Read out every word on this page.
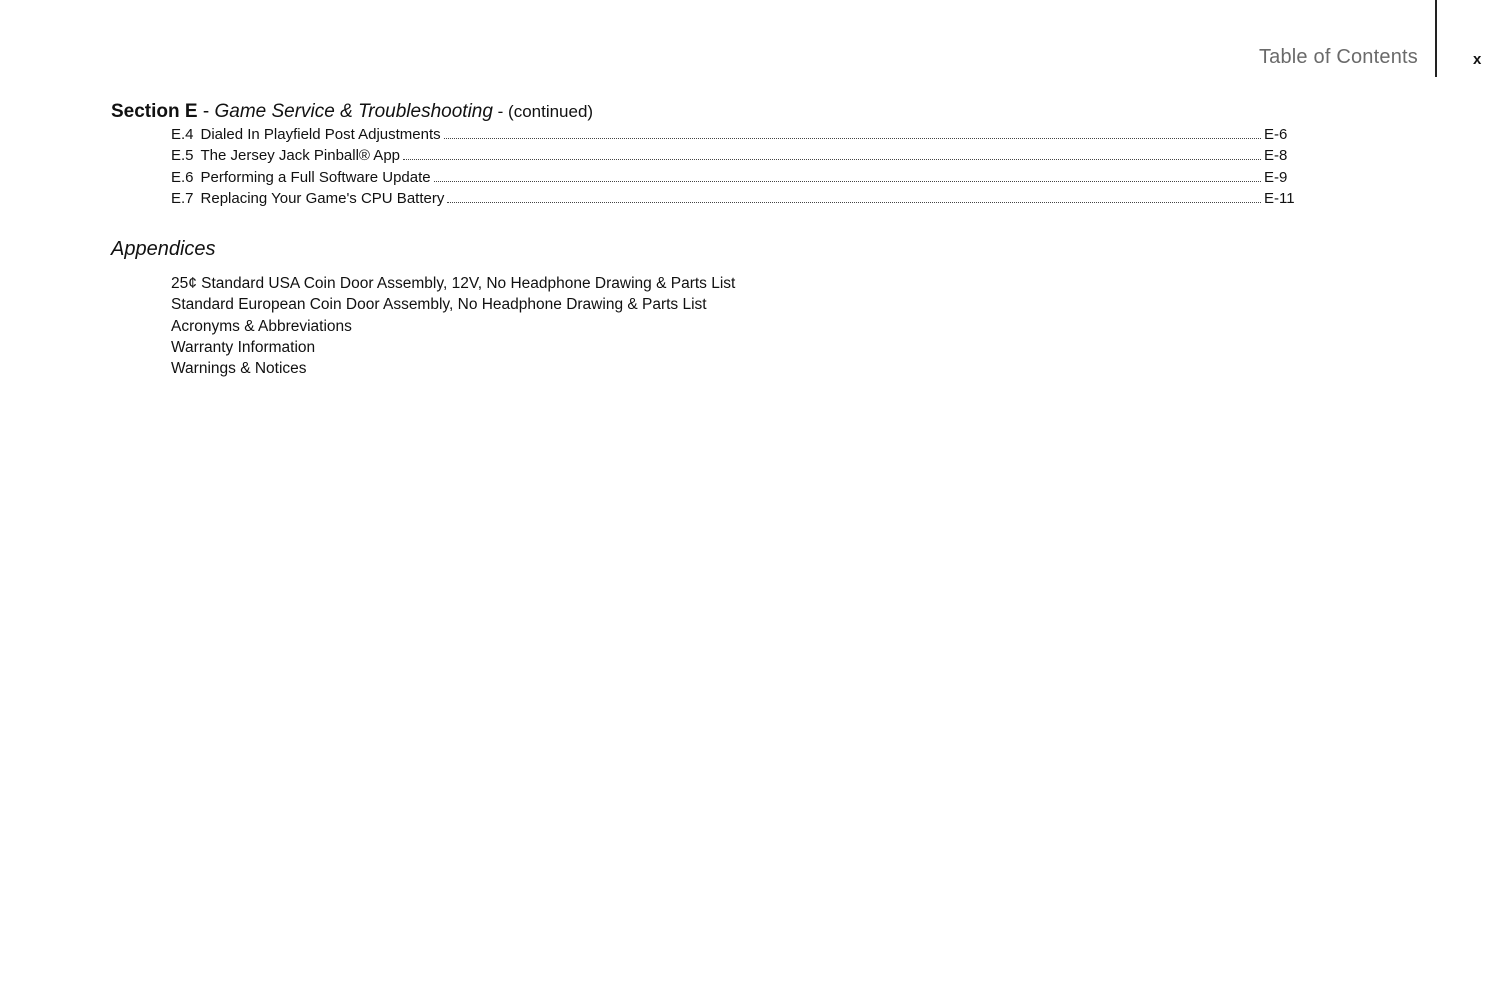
Table of Contents	x
Section E - Game Service & Troubleshooting - (continued)
E.4 Dialed In Playfield Post Adjustments	E-6
E.5 The Jersey Jack Pinball® App	E-8
E.6 Performing a Full Software Update	E-9
E.7 Replacing Your Game's CPU Battery	E-11
Appendices
25¢ Standard USA Coin Door Assembly, 12V, No Headphone Drawing & Parts List
Standard European Coin Door Assembly, No Headphone Drawing & Parts List
Acronyms & Abbreviations
Warranty Information
Warnings & Notices
